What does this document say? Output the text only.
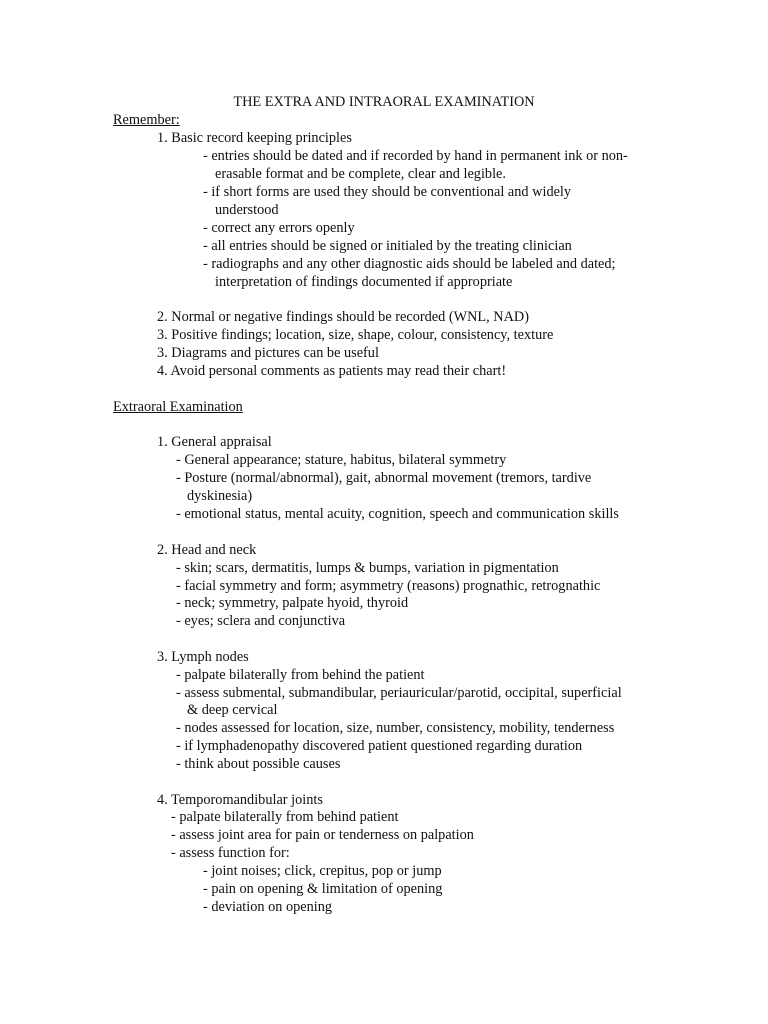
THE EXTRA AND INTRAORAL EXAMINATION
Remember:
1. Basic record keeping principles
- entries should be dated and if recorded by hand in permanent ink or non-
erasable format and be complete, clear and legible.
- if short forms are used they should be conventional and widely
understood
- correct any errors openly
- all entries should be signed or initialed by the treating clinician
- radiographs and any other diagnostic aids should be labeled and dated;
interpretation of findings documented if appropriate
2. Normal or negative findings should be recorded (WNL, NAD)
3. Positive findings; location, size, shape, colour, consistency, texture
3. Diagrams and pictures can be useful
4. Avoid personal comments as patients may read their chart!
Extraoral Examination
1. General appraisal
- General appearance; stature, habitus, bilateral symmetry
- Posture (normal/abnormal), gait, abnormal movement (tremors, tardive
dyskinesia)
- emotional status, mental acuity, cognition, speech and communication skills
2. Head and neck
- skin; scars, dermatitis, lumps & bumps, variation in pigmentation
- facial symmetry and form; asymmetry (reasons) prognathic, retrognathic
- neck; symmetry, palpate hyoid, thyroid
- eyes; sclera and conjunctiva
3. Lymph nodes
- palpate bilaterally from behind the patient
- assess submental, submandibular, periauricular/parotid, occipital, superficial
& deep cervical
- nodes assessed for location, size, number, consistency, mobility, tenderness
- if lymphadenopathy discovered patient questioned regarding duration
- think about possible causes
4. Temporomandibular joints
- palpate bilaterally from behind patient
- assess joint area for pain or tenderness on palpation
- assess function for:
- joint noises; click, crepitus, pop or jump
- pain on opening & limitation of opening
- deviation on opening
